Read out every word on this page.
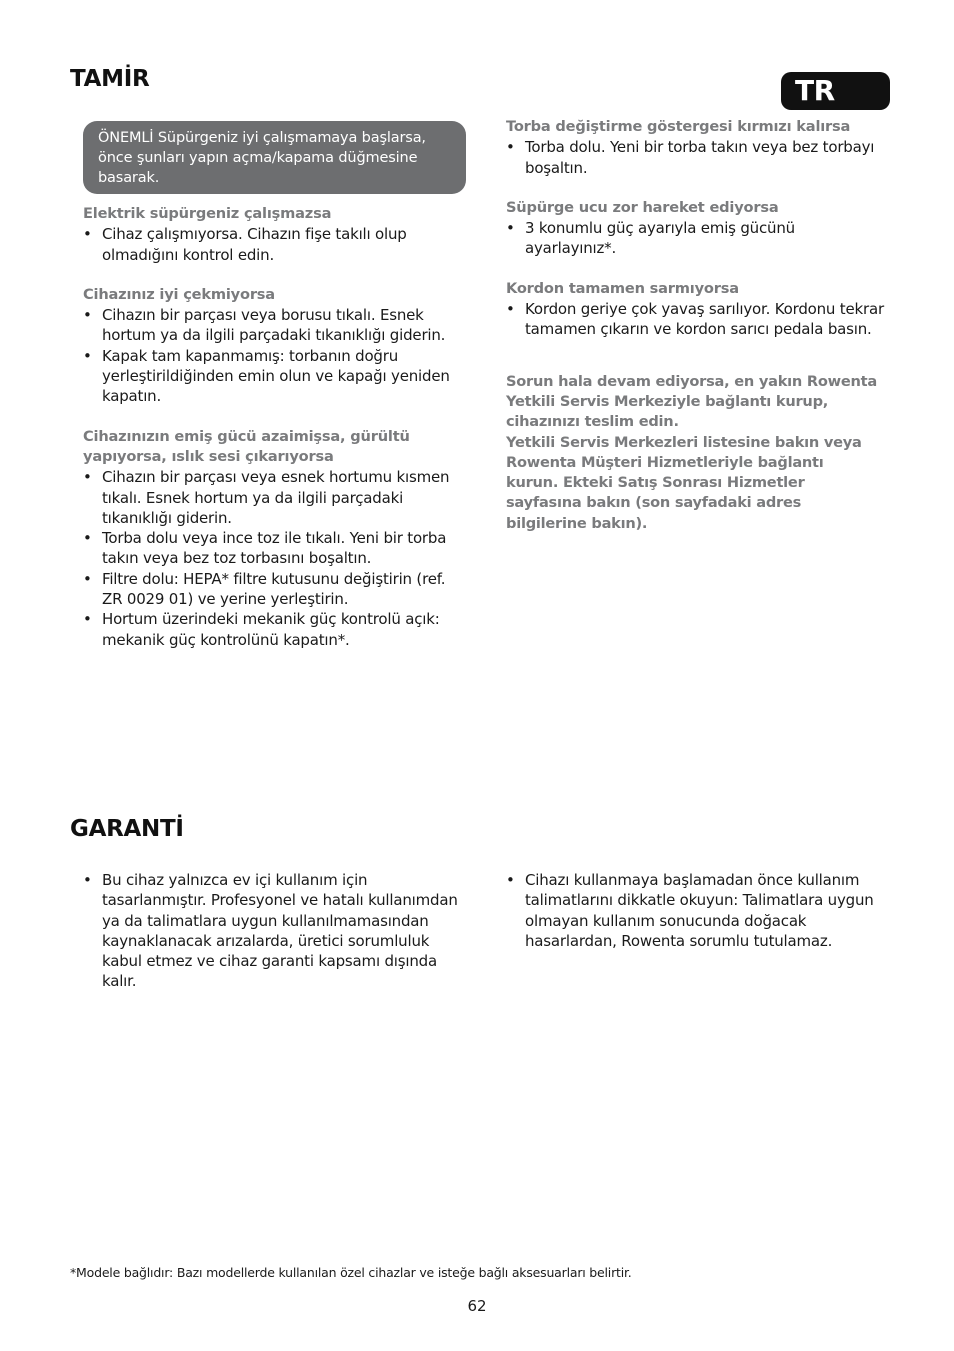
TAMİR	TR
ÖNEMLİ Süpürgeniz iyi çalışmamaya başlarsa, önce şunları yapın açma/kapama düğmesine basarak.
Elektrik süpürgeniz çalışmazsa
• Cihaz çalışmıyorsa. Cihazın fişe takılı olup olmadığını kontrol edin.
Cihazınız iyi çekmiyorsa
• Cihazın bir parçası veya borusu tıkalı. Esnek hortum ya da ilgili parçadaki tıkanıklığı giderin.
• Kapak tam kapanmamış: torbanın doğru yerleştirildiğinden emin olun ve kapağı yeniden kapatın.
Cihazınızın emiş gücü azaimişsa, gürültü yapıyorsa, ıslık sesi çıkarıyorsa
• Cihazın bir parçası veya esnek hortumu kısmen tıkalı. Esnek hortum ya da ilgili parçadaki tıkanıklığı giderin.
• Torba dolu veya ince toz ile tıkalı. Yeni bir torba takın veya bez toz torbasını boşaltın.
• Filtre dolu: HEPA* filtre kutusunu değiştirin (ref. ZR 0029 01) ve yerine yerleştirin.
• Hortum üzerindeki mekanik güç kontrolü açık: mekanik güç kontrolünü kapatın*.
Torba değiştirme göstergesi kırmızı kalırsa
• Torba dolu. Yeni bir torba takın veya bez torbayı boşaltın.
Süpürge ucu zor hareket ediyorsa
• 3 konumlu güç ayarıyla emiş gücünü ayarlayınız*.
Kordon tamamen sarmıyorsa
• Kordon geriye çok yavaş sarılıyor. Kordonu tekrar tamamen çıkarın ve kordon sarıcı pedala basın.
Sorun hala devam ediyorsa, en yakın Rowenta Yetkili Servis Merkeziyle bağlantı kurup, cihazınızı teslim edin.
Yetkili Servis Merkezleri listesine bakın veya Rowenta Müşteri Hizmetleriyle bağlantı kurun. Ekteki Satış Sonrası Hizmetler sayfasına bakın (son sayfadaki adres bilgilerine bakın).
GARANTİ
• Bu cihaz yalnızca ev içi kullanım için tasarlanmıştır. Profesyonel ve hatalı kullanımdan ya da talimatlara uygun kullanılmamasından kaynaklanacak arızalarda, üretici sorumluluk kabul etmez ve cihaz garanti kapsamı dışında kalır.
• Cihazı kullanmaya başlamadan önce kullanım talimatlarını dikkatle okuyun: Talimatlara uygun olmayan kullanım sonucunda doğacak hasarlardan, Rowenta sorumlu tutulamaz.
*Modele bağlıdır: Bazı modellerde kullanılan özel cihazlar ve isteğe bağlı aksesuarları belirtir.
62
